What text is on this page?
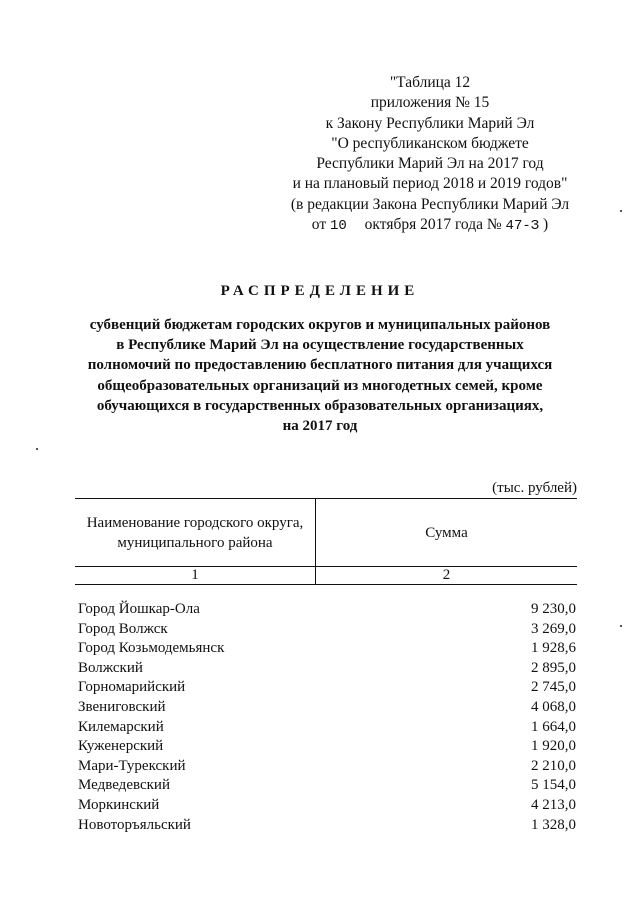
"Таблица 12
приложения № 15
к Закону Республики Марий Эл
"О республиканском бюджете
Республики Марий Эл на 2017 год
и на плановый период 2018 и 2019 годов"
(в редакции Закона Республики Марий Эл
от 10 октября 2017 года № 47-З )
РАСПРЕДЕЛЕНИЕ
субвенций бюджетам городских округов и муниципальных районов
в Республике Марий Эл на осуществление государственных
полномочий по предоставлению бесплатного питания для учащихся
общеобразовательных организаций из многодетных семей, кроме
обучающихся в государственных образовательных организациях,
на 2017 год
(тыс. рублей)
Наименование городского округа,
муниципального района	Сумма
1	2
Город Йошкар-Ола	9 230,0
Город Волжск	3 269,0
Город Козьмодемьянск	1 928,6
Волжский	2 895,0
Горномарийский	2 745,0
Звениговский	4 068,0
Килемарский	1 664,0
Куженерский	1 920,0
Мари-Турекский	2 210,0
Медведевский	5 154,0
Моркинский	4 213,0
Новоторъяльский	1 328,0
